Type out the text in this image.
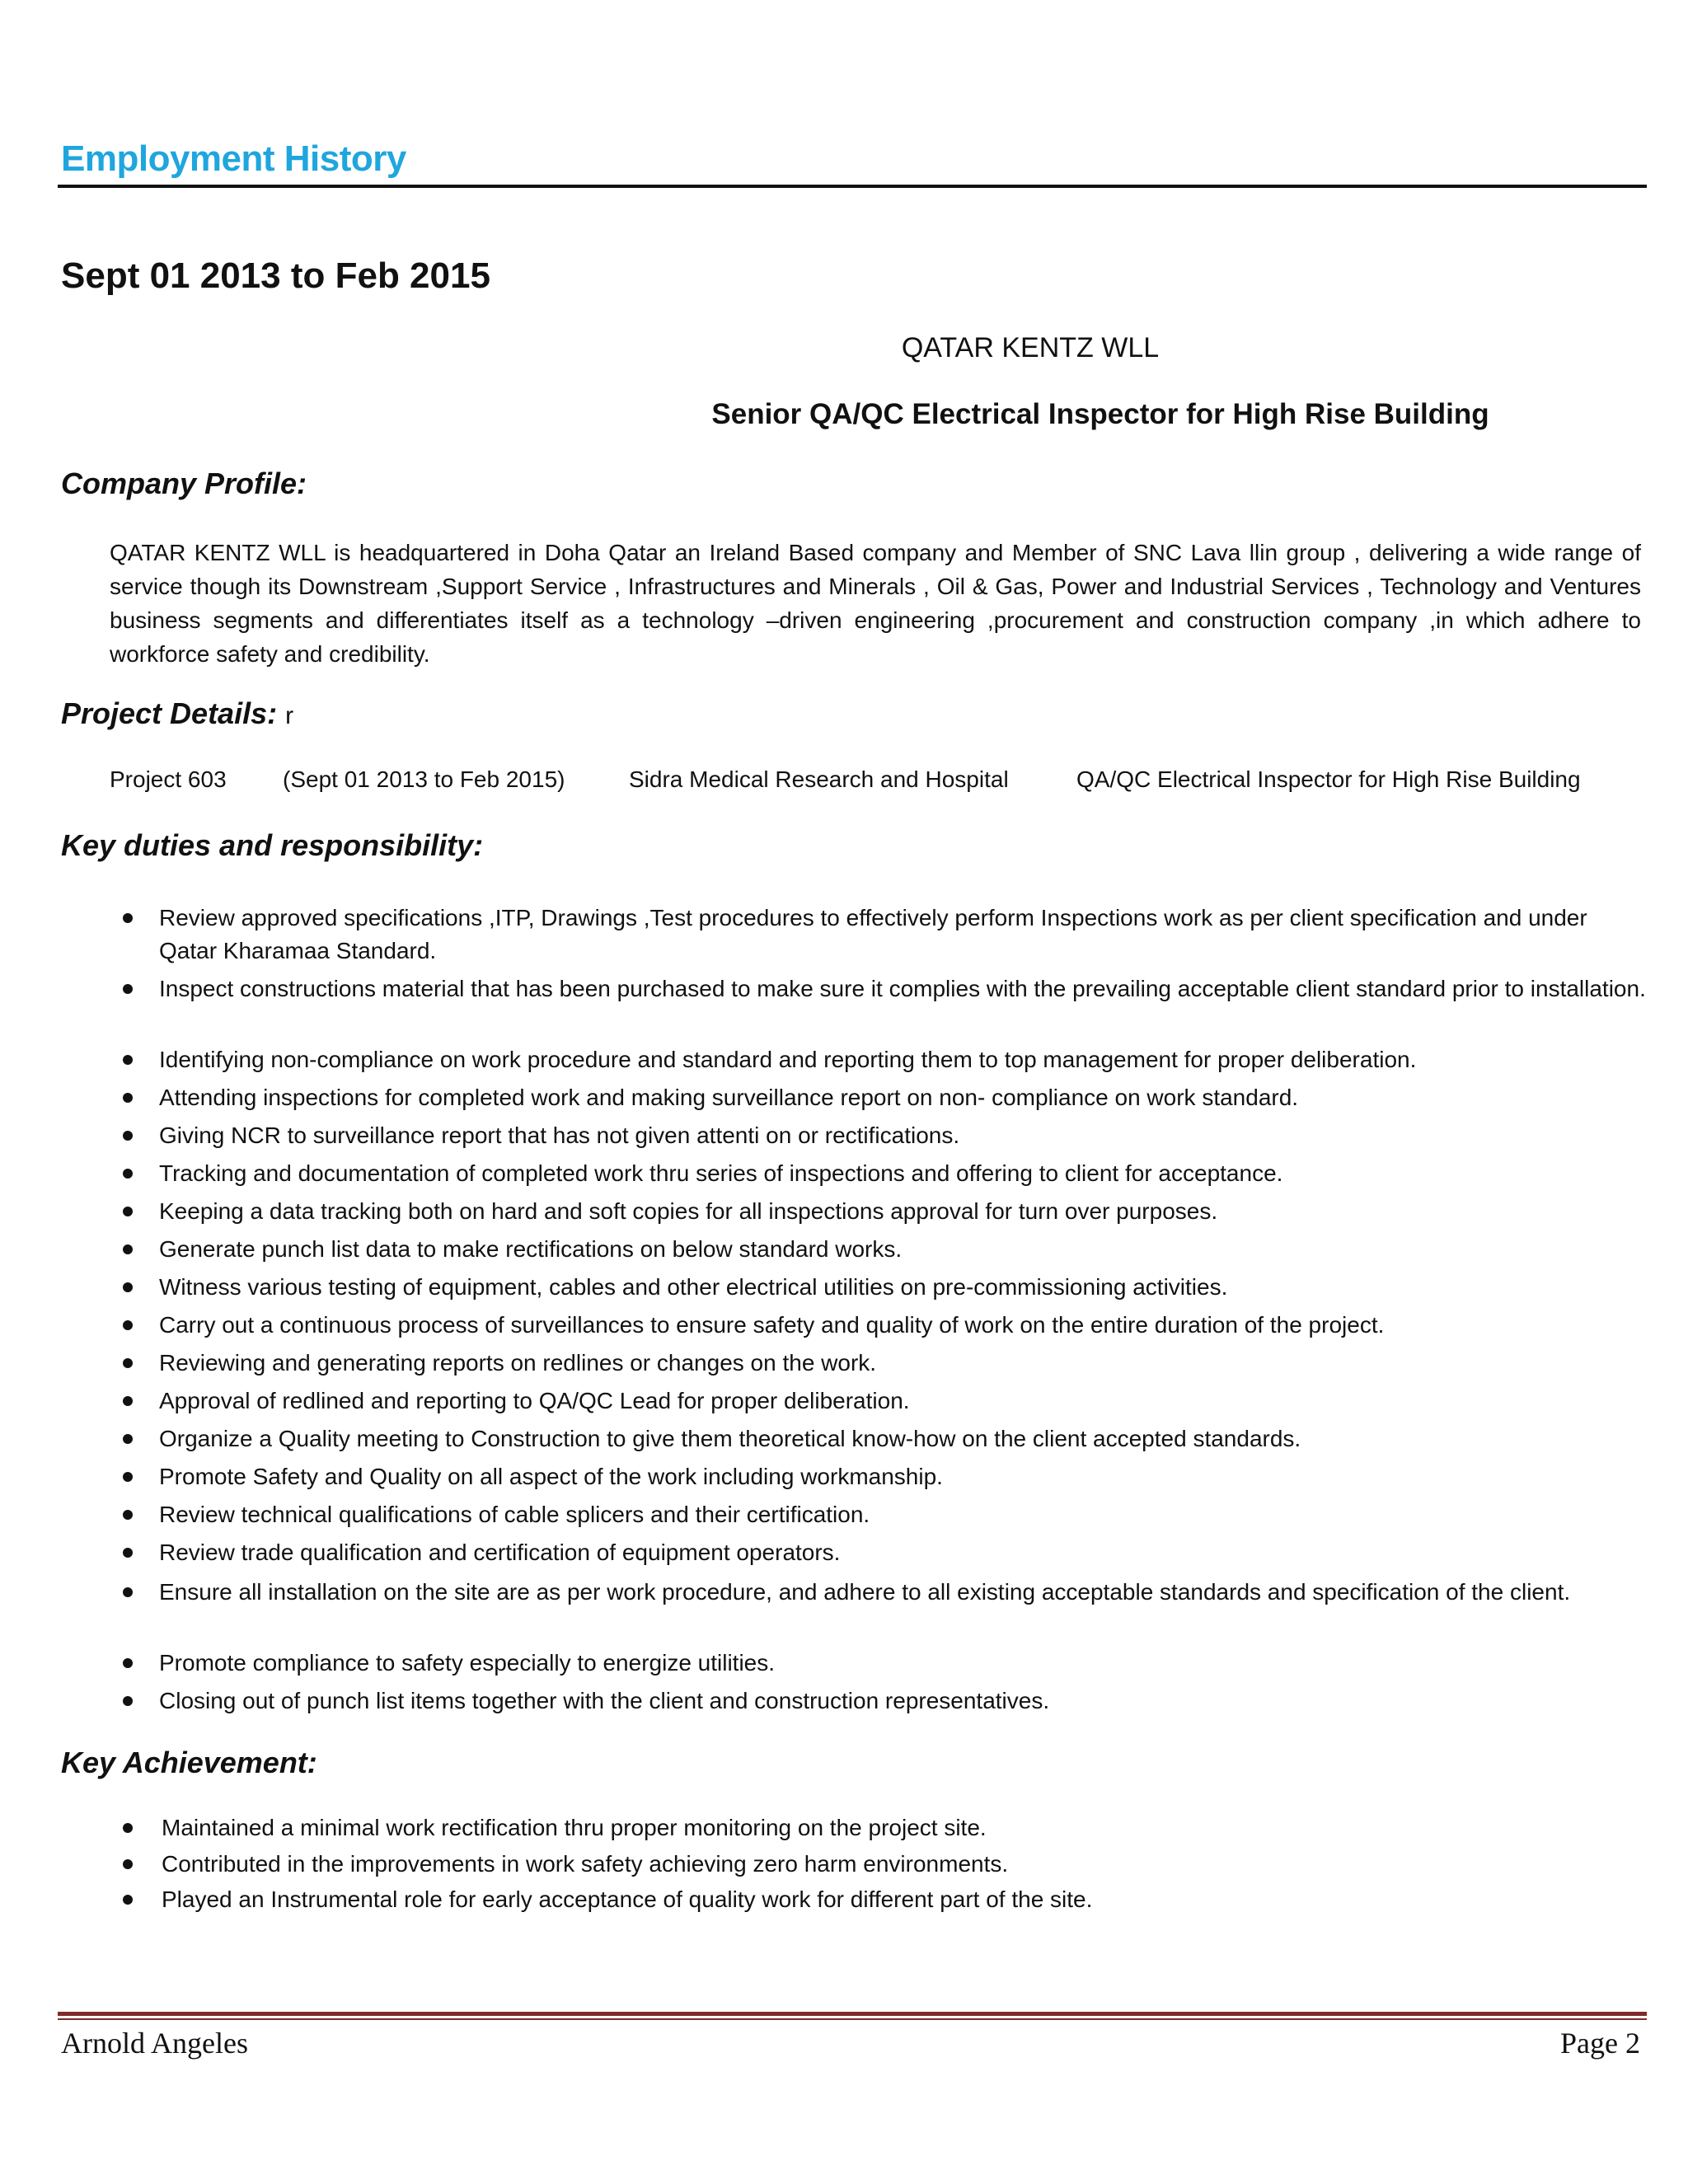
Employment History
Sept 01 2013 to Feb 2015
QATAR KENTZ WLL
Senior QA/QC Electrical Inspector for High Rise Building
Company Profile:
QATAR KENTZ WLL is headquartered in Doha Qatar an Ireland Based company and Member of SNC Lava llin group , delivering a wide range of service though its Downstream ,Support Service , Infrastructures and Minerals , Oil & Gas, Power and Industrial Services , Technology and Ventures business segments and differentiates itself as a technology –driven engineering ,procurement and construction company ,in which adhere to workforce safety and credibility.
Project Details: r
Project 603 (Sept 01 2013 to Feb 2015)	Sidra Medical Research and Hospital	QA/QC Electrical Inspector for High Rise Building
Key duties and responsibility:
Review approved specifications ,ITP, Drawings ,Test procedures to effectively perform Inspections work as per client specification and under Qatar Kharamaa Standard.
Inspect constructions material that has been purchased to make sure it complies with the prevailing acceptable client standard prior to installation.
Identifying non-compliance on work procedure and standard and reporting them to top management for proper deliberation.
Attending inspections for completed work and making surveillance report on non- compliance on work standard.
Giving NCR to surveillance report that has not given attenti on or rectifications.
Tracking and documentation of completed work thru series of inspections and offering to client for acceptance.
Keeping a data tracking both on hard and soft copies for all inspections approval for turn over purposes.
Generate punch list data to make rectifications on below standard works.
Witness various testing of equipment, cables and other electrical utilities on pre-commissioning activities.
Carry out a continuous process of surveillances to ensure safety and quality of work on the entire duration of the project.
Reviewing and generating reports on redlines or changes on the work.
Approval of redlined and reporting to QA/QC Lead for proper deliberation.
Organize a Quality meeting to Construction to give them theoretical know-how on the client accepted standards.
Promote Safety and Quality on all aspect of the work including workmanship.
Review technical qualifications of cable splicers and their certification.
Review trade qualification and certification of equipment operators.
Ensure all installation on the site are as per work procedure, and adhere to all existing acceptable standards and specification of the client.
Promote compliance to safety especially to energize utilities.
Closing out of punch list items together with the client and construction representatives.
Key Achievement:
Maintained a minimal work rectification thru proper monitoring on the project site.
Contributed in the improvements in work safety achieving zero harm environments.
Played an Instrumental role for early acceptance of quality work for different part of the site.
Arnold Angeles	Page 2
